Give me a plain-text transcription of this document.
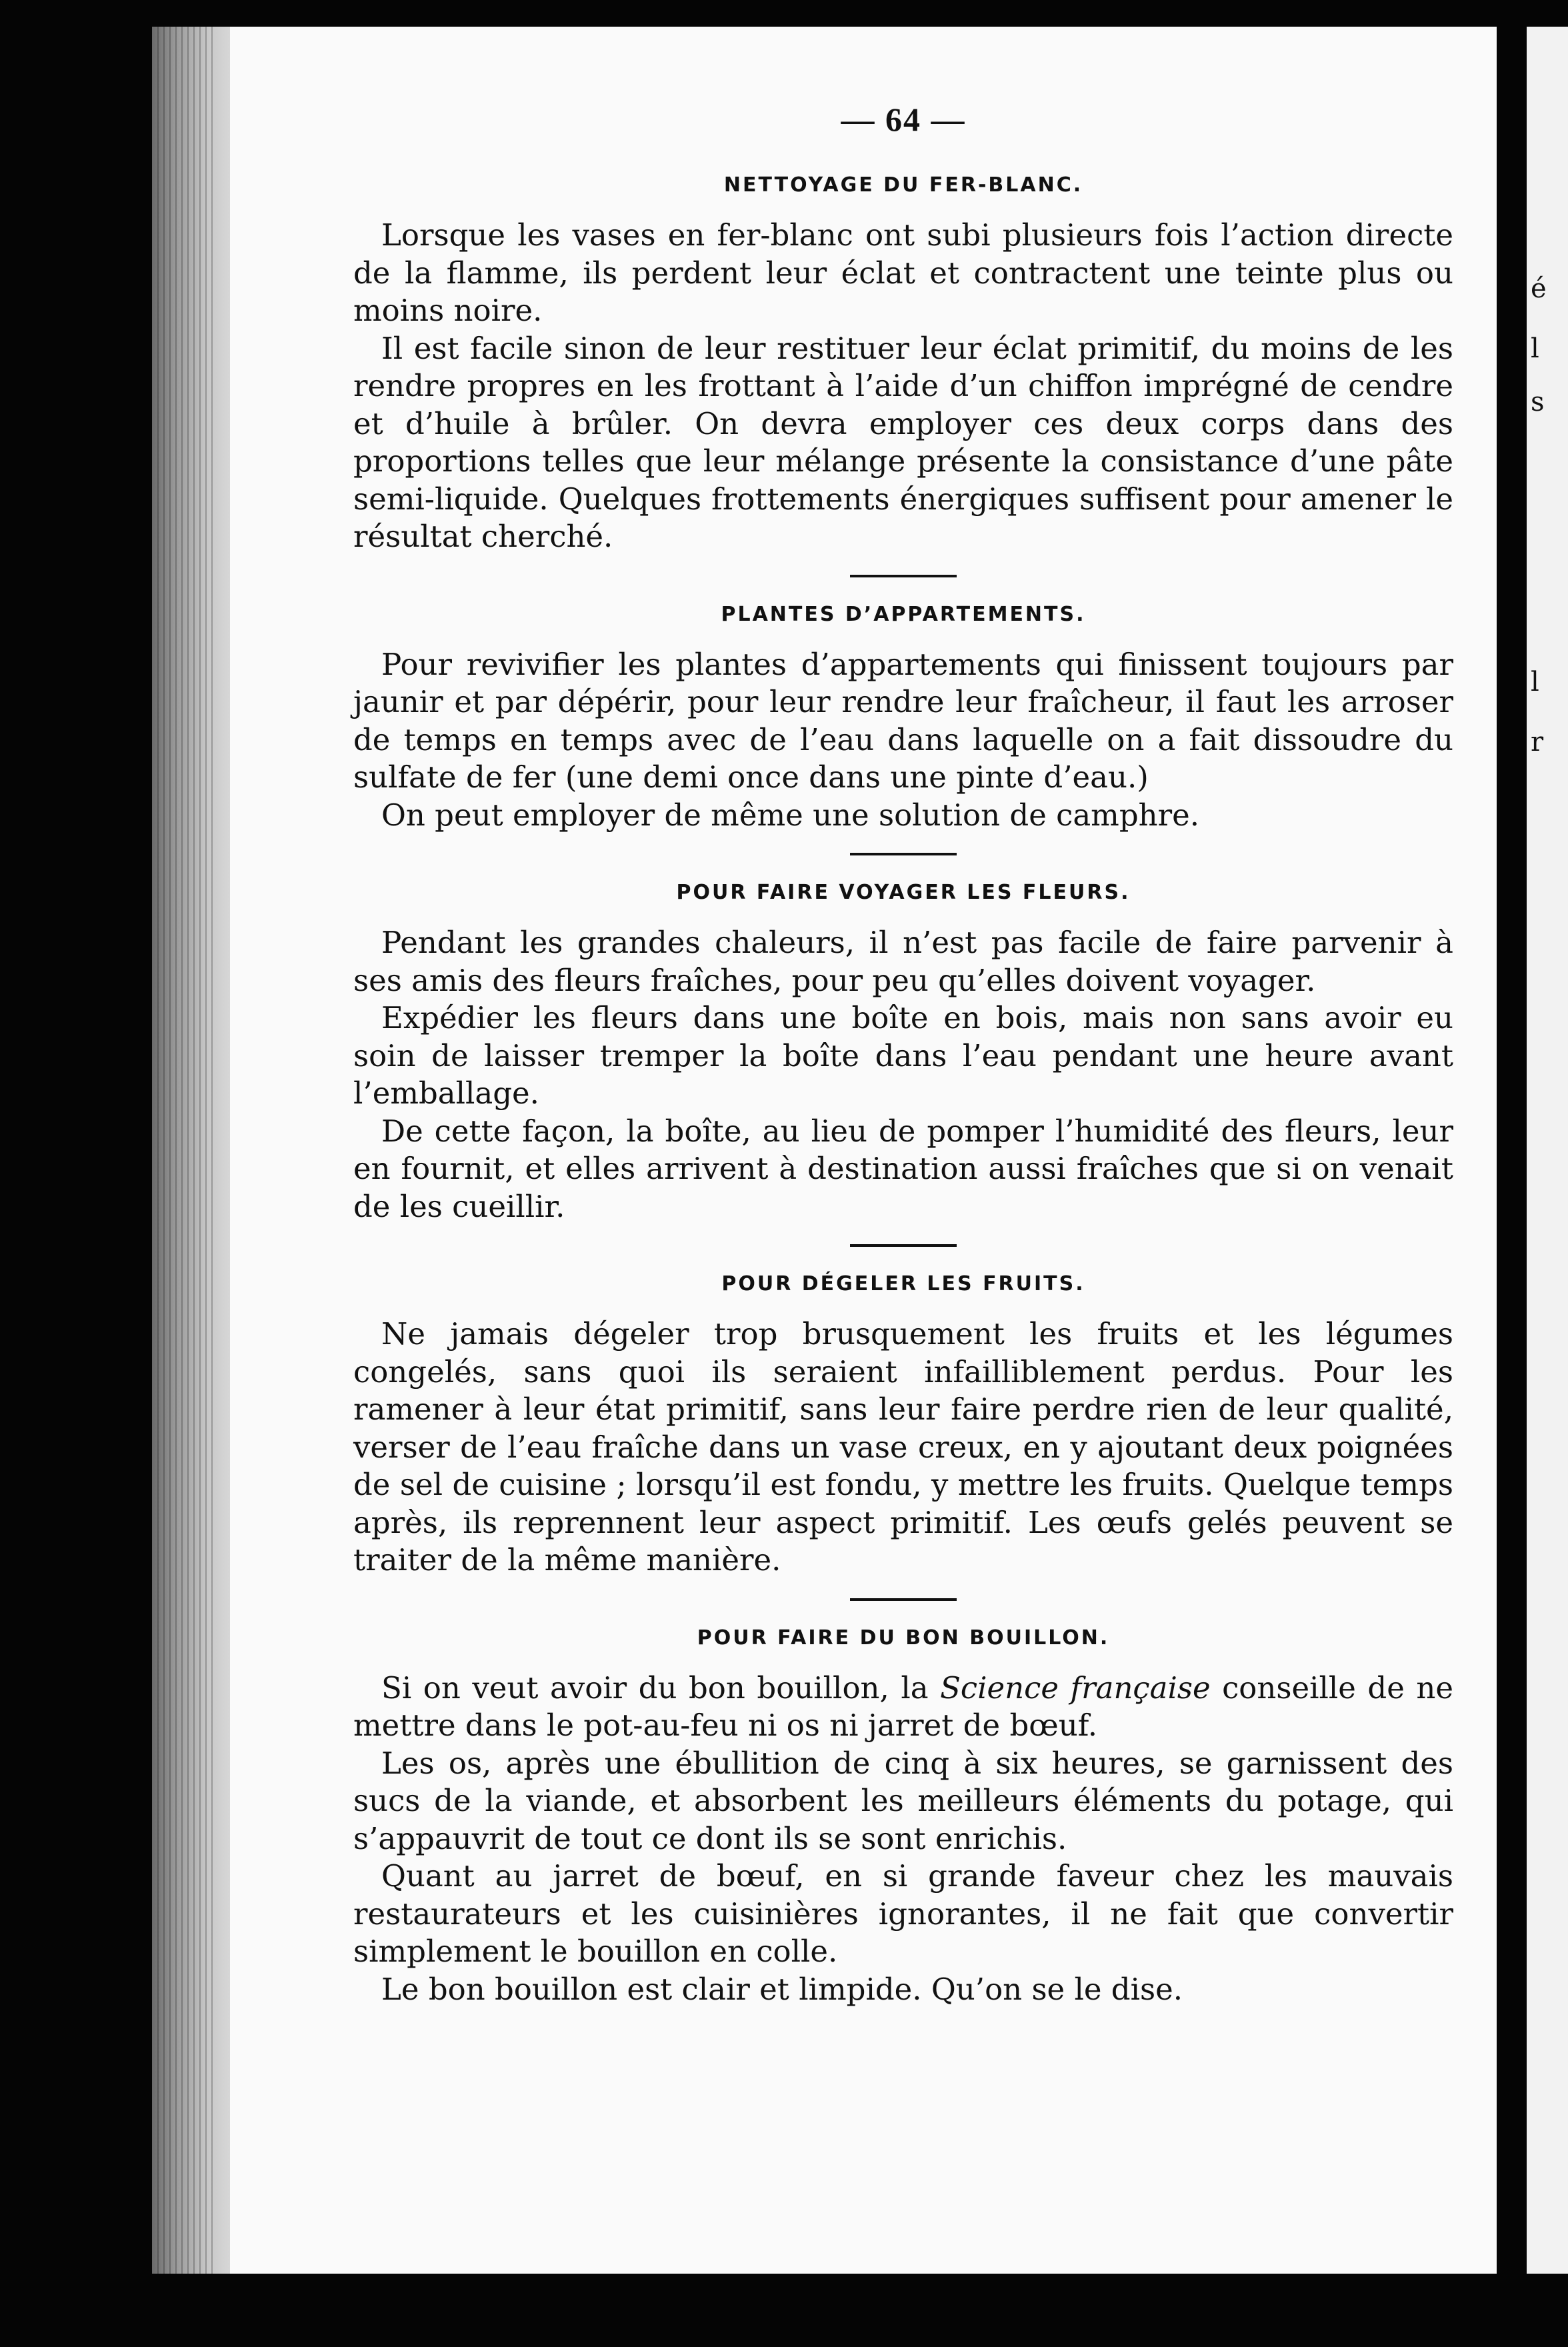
é
l
s
l
r
— 64 —
NETTOYAGE DU FER-BLANC.

Lorsque les vases en fer-blanc ont subi plusieurs fois l’action directe de la flamme, ils perdent leur éclat et contractent une teinte plus ou moins noire.

Il est facile sinon de leur restituer leur éclat primitif, du moins de les rendre propres en les frottant à l’aide d’un chiffon imprégné de cendre et d’huile à brûler. On devra employer ces deux corps dans des proportions telles que leur mélange présente la consistance d’une pâte semi-liquide. Quelques frottements énergiques suffisent pour amener le résultat cherché.

PLANTES D’APPARTEMENTS.

Pour revivifier les plantes d’appartements qui finissent toujours par jaunir et par dépérir, pour leur rendre leur fraîcheur, il faut les arroser de temps en temps avec de l’eau dans laquelle on a fait dissoudre du sulfate de fer (une demi once dans une pinte d’eau.)

On peut employer de même une solution de camphre.

POUR FAIRE VOYAGER LES FLEURS.

Pendant les grandes chaleurs, il n’est pas facile de faire parvenir à ses amis des fleurs fraîches, pour peu qu’elles doivent voyager.

Expédier les fleurs dans une boîte en bois, mais non sans avoir eu soin de laisser tremper la boîte dans l’eau pendant une heure avant l’emballage.

De cette façon, la boîte, au lieu de pomper l’humidité des fleurs, leur en fournit, et elles arrivent à destination aussi fraîches que si on venait de les cueillir.

POUR DÉGELER LES FRUITS.

Ne jamais dégeler trop brusquement les fruits et les légumes congelés, sans quoi ils seraient infailliblement perdus. Pour les ramener à leur état primitif, sans leur faire perdre rien de leur qualité, verser de l’eau fraîche dans un vase creux, en y ajoutant deux poignées de sel de cuisine ; lorsqu’il est fondu, y mettre les fruits. Quelque temps après, ils reprennent leur aspect primitif. Les œufs gelés peuvent se traiter de la même manière.

POUR FAIRE DU BON BOUILLON.

Si on veut avoir du bon bouillon, la Science française conseille de ne mettre dans le pot-au-feu ni os ni jarret de bœuf.

Les os, après une ébullition de cinq à six heures, se garnissent des sucs de la viande, et absorbent les meilleurs éléments du potage, qui s’appauvrit de tout ce dont ils se sont enrichis.

Quant au jarret de bœuf, en si grande faveur chez les mauvais restaurateurs et les cuisinières ignorantes, il ne fait que convertir simplement le bouillon en colle.

Le bon bouillon est clair et limpide. Qu’on se le dise.
